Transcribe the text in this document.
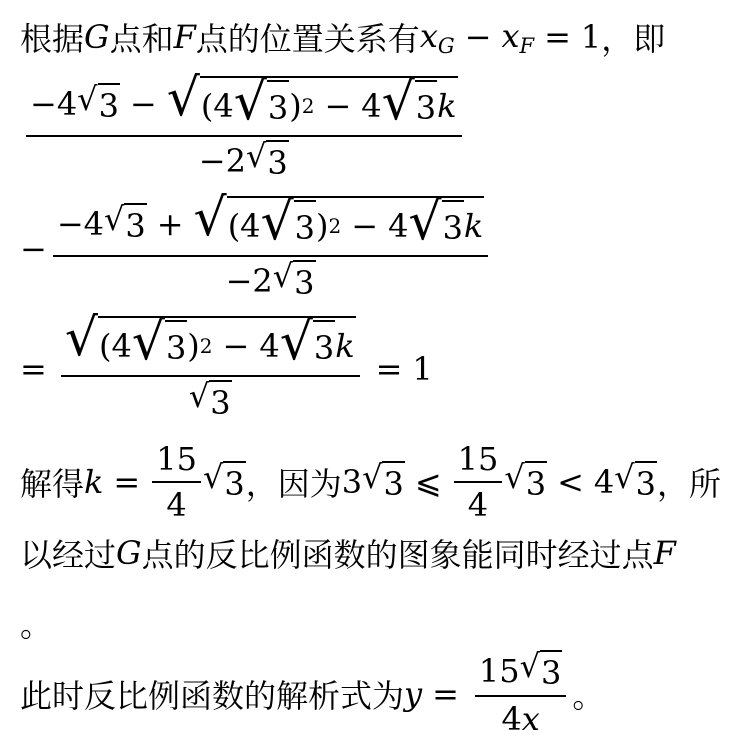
根据 G 点和 F 点的位置关系有 $x_G - x_F = 1$ ，即
−4 √ 3 − √ (4 √ 3 ) 2 − 4 √ 3 k
−2 √ 3
−
−4 √ 3 + √ (4 √ 3 ) 2 − 4 √ 3 k
−2 √ 3
=
√ (4 √ 3 ) 2 − 4 √ 3 k
√ 3
= 1
解得 $k = \frac{15}{4}$ √ 3 ，因为 3 √ 3 ⩽ $\frac{15}{4}$ √ 3 < 4 √ 3 ，所
以经过 G 点的反比例函数的图象能同时经过点 F
。
此时反比例函数的解析式为 $y = \frac{15 √ 3}{4 x}$ 。
